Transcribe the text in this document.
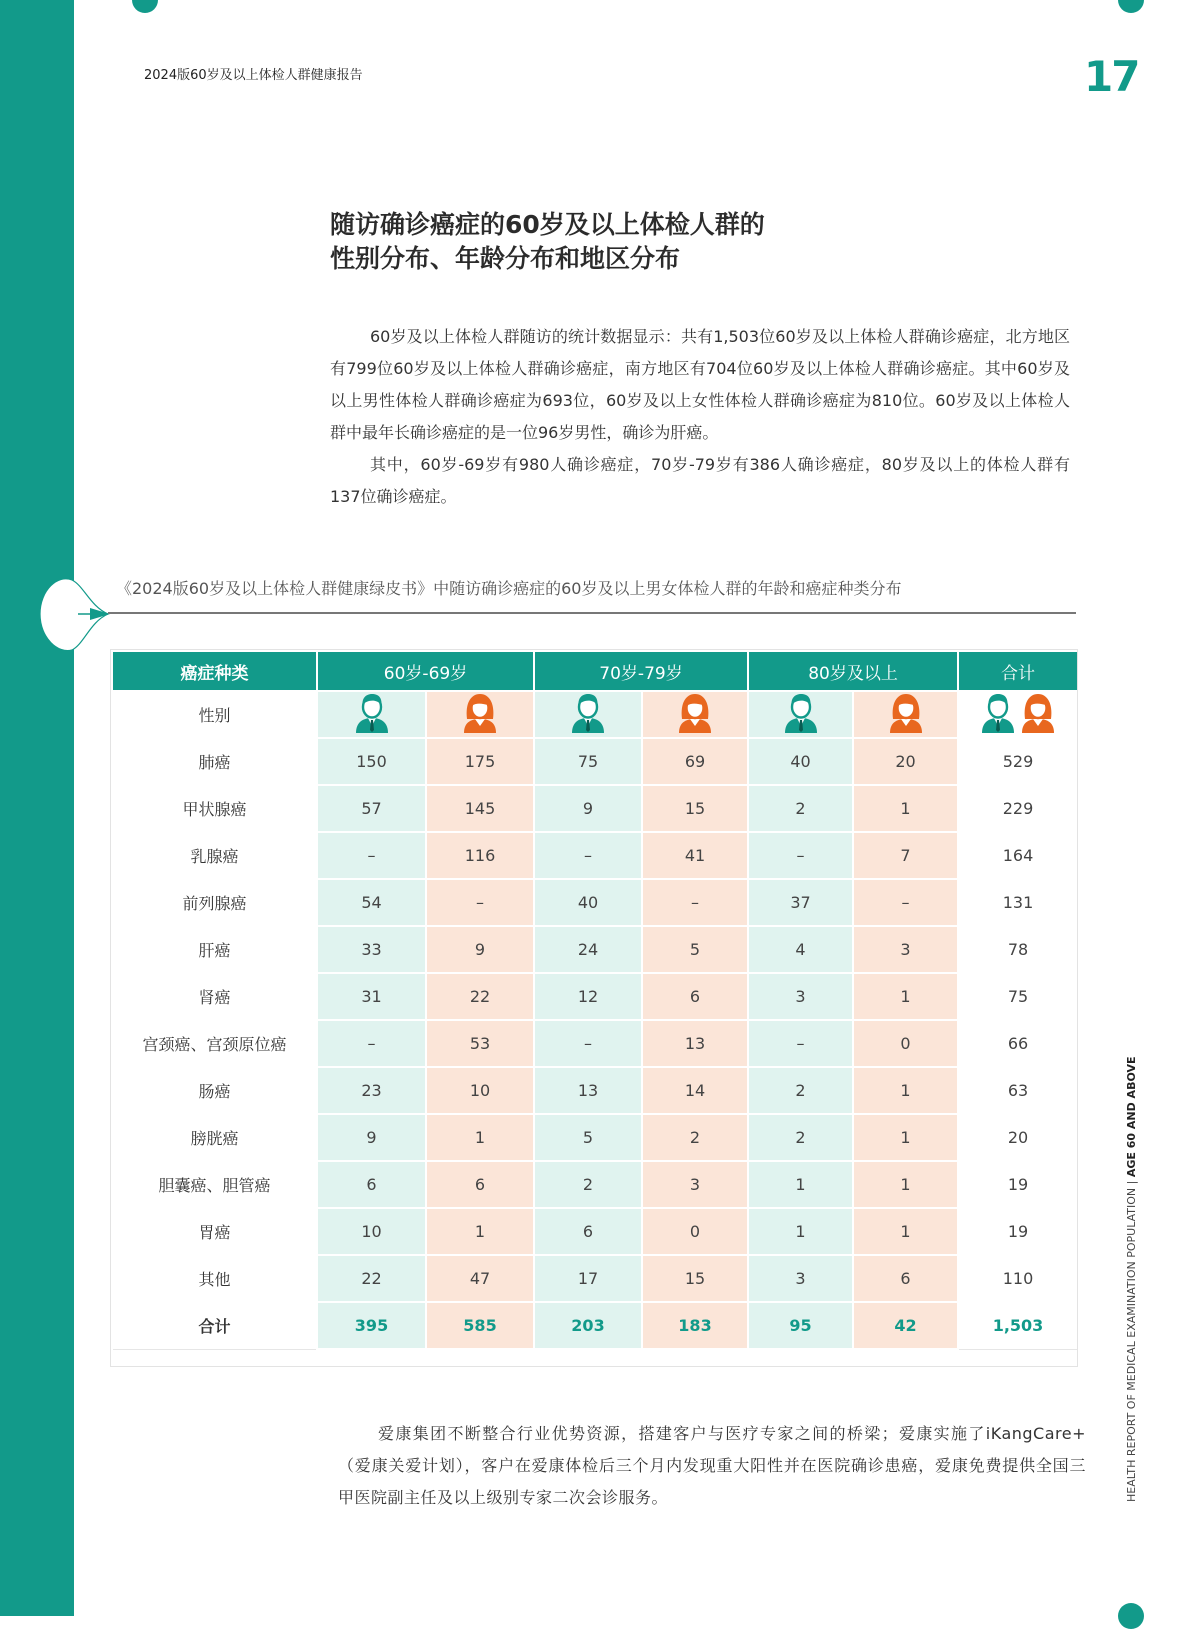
2024版60岁及以上体检人群健康报告	17
随访确诊癌症的60岁及以上体检人群的
性别分布、年龄分布和地区分布

60岁及以上体检人群随访的统计数据显示：共有1,503位60岁及以上体检人群确诊癌症，北方地区有799位60岁及以上体检人群确诊癌症，南方地区有704位60岁及以上体检人群确诊癌症。其中60岁及以上男性体检人群确诊癌症为693位，60岁及以上女性体检人群确诊癌症为810位。60岁及以上体检人群中最年长确诊癌症的是一位96岁男性，确诊为肝癌。

其中，60岁-69岁有980人确诊癌症，70岁-79岁有386人确诊癌症，80岁及以上的体检人群有137位确诊癌症。

《2024版60岁及以上体检人群健康绿皮书》中随访确诊癌症的60岁及以上男女体检人群的年龄和癌症种类分布
癌症种类	60岁-69岁		70岁-79岁		80岁及以上		合计
性别							
肺癌	150	175	75	69	40	20	529
甲状腺癌	57	145	9	15	2	1	229
乳腺癌	–	116	–	41	–	7	164
前列腺癌	54	–	40	–	37	–	131
肝癌	33	9	24	5	4	3	78
肾癌	31	22	12	6	3	1	75
宫颈癌、宫颈原位癌	–	53	–	13	–	0	66
肠癌	23	10	13	14	2	1	63
膀胱癌	9	1	5	2	2	1	20
胆囊癌、胆管癌	6	6	2	3	1	1	19
胃癌	10	1	6	0	1	1	19
其他	22	47	17	15	3	6	110
合计	395	585	203	183	95	42	1,503

爱康集团不断整合行业优势资源，搭建客户与医疗专家之间的桥梁；爱康实施了iKangCare+（爱康关爱计划），客户在爱康体检后三个月内发现重大阳性并在医院确诊患癌，爱康免费提供全国三甲医院副主任及以上级别专家二次会诊服务。	HEALTH REPORT OF MEDICAL EXAMINATION POPULATION | AGE 60 AND ABOVE
